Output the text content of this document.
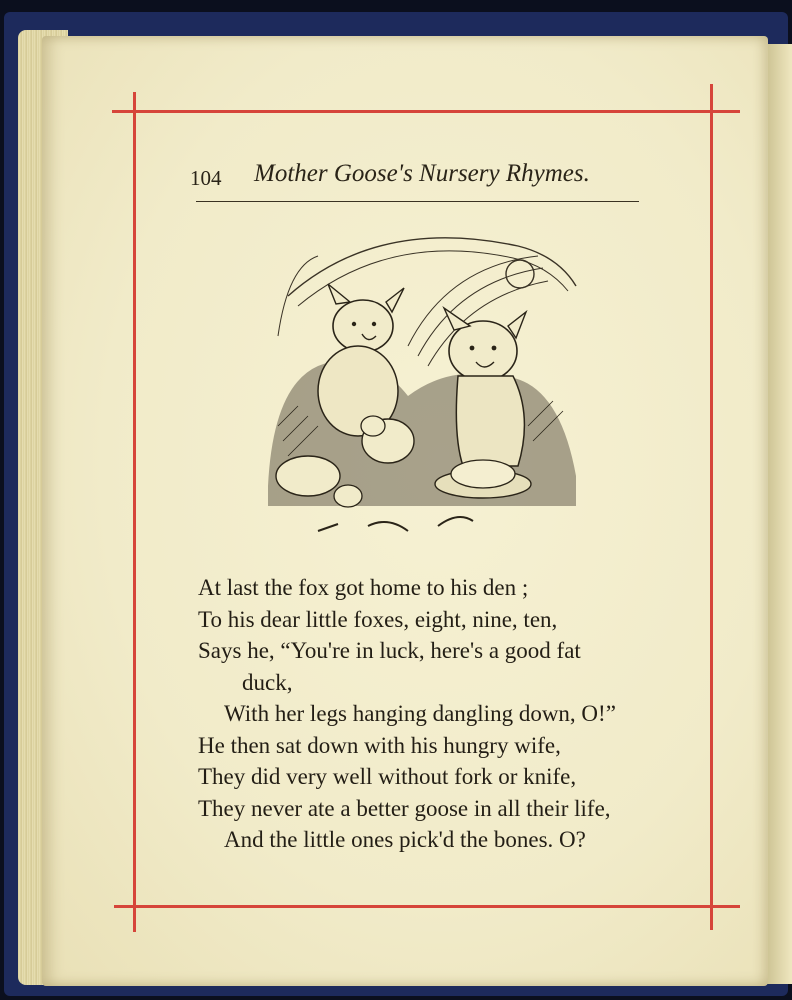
104 Mother Goose's Nursery Rhymes.
At last the fox got home to his den ;
To his dear little foxes, eight, nine, ten,
Says he, “You're in luck, here's a good fat
duck,
With her legs hanging dangling down, O!”
He then sat down with his hungry wife,
They did very well without fork or knife,
They never ate a better goose in all their life,
And the little ones pick'd the bones. O?
